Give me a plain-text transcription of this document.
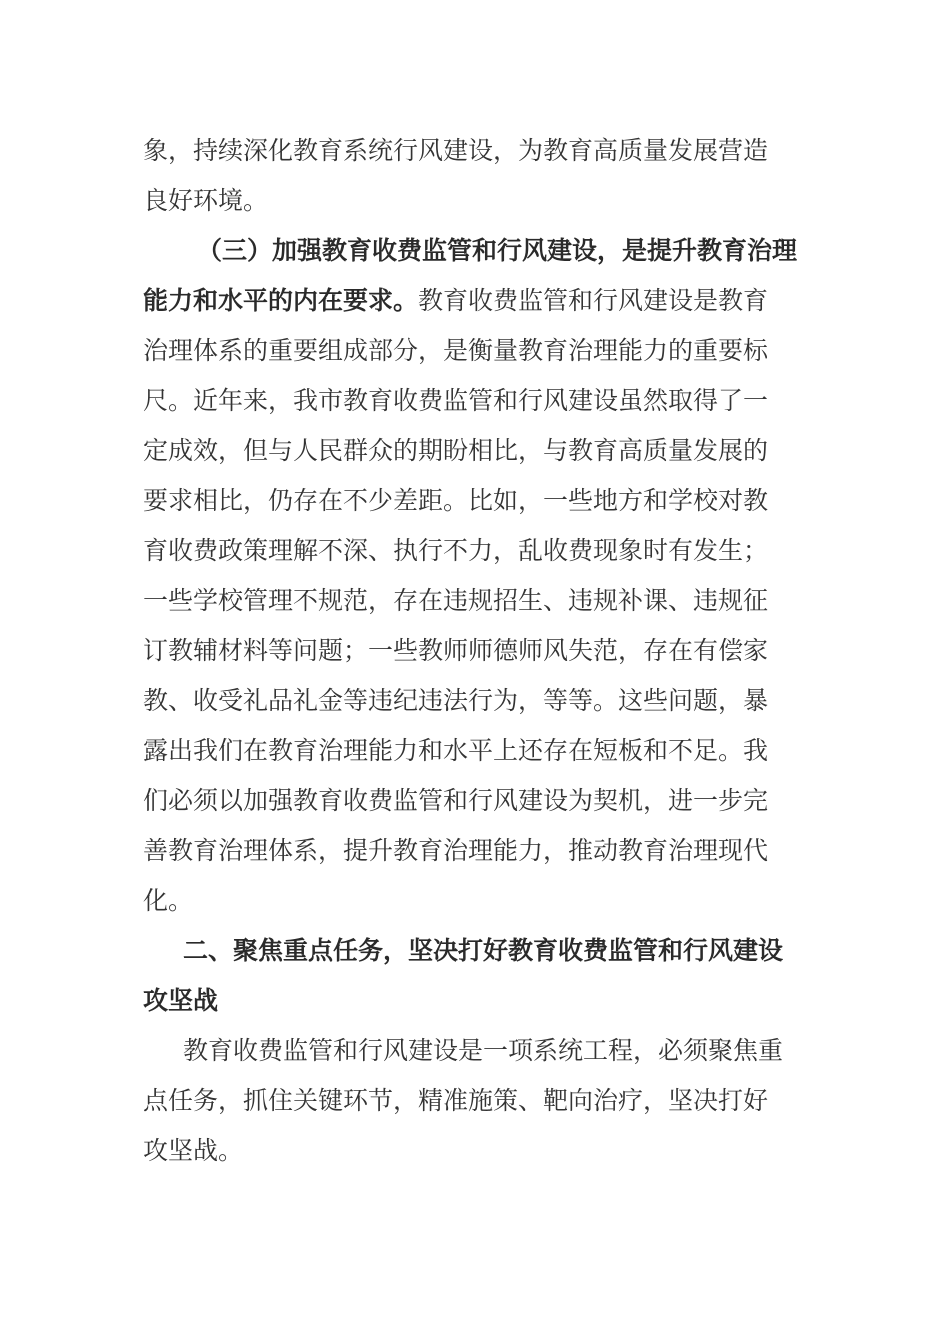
象，持续深化教育系统行风建设，为教育高质量发展营造
良好环境。
（三）加强教育收费监管和行风建设，是提升教育治理
能力和水平的内在要求。教育收费监管和行风建设是教育
治理体系的重要组成部分，是衡量教育治理能力的重要标
尺。近年来，我市教育收费监管和行风建设虽然取得了一
定成效，但与人民群众的期盼相比，与教育高质量发展的
要求相比，仍存在不少差距。比如，一些地方和学校对教
育收费政策理解不深、执行不力，乱收费现象时有发生；
一些学校管理不规范，存在违规招生、违规补课、违规征
订教辅材料等问题；一些教师师德师风失范，存在有偿家
教、收受礼品礼金等违纪违法行为，等等。这些问题，暴
露出我们在教育治理能力和水平上还存在短板和不足。我
们必须以加强教育收费监管和行风建设为契机，进一步完
善教育治理体系，提升教育治理能力，推动教育治理现代
化。
二、聚焦重点任务，坚决打好教育收费监管和行风建设
攻坚战
教育收费监管和行风建设是一项系统工程，必须聚焦重
点任务，抓住关键环节，精准施策、靶向治疗，坚决打好
攻坚战。
